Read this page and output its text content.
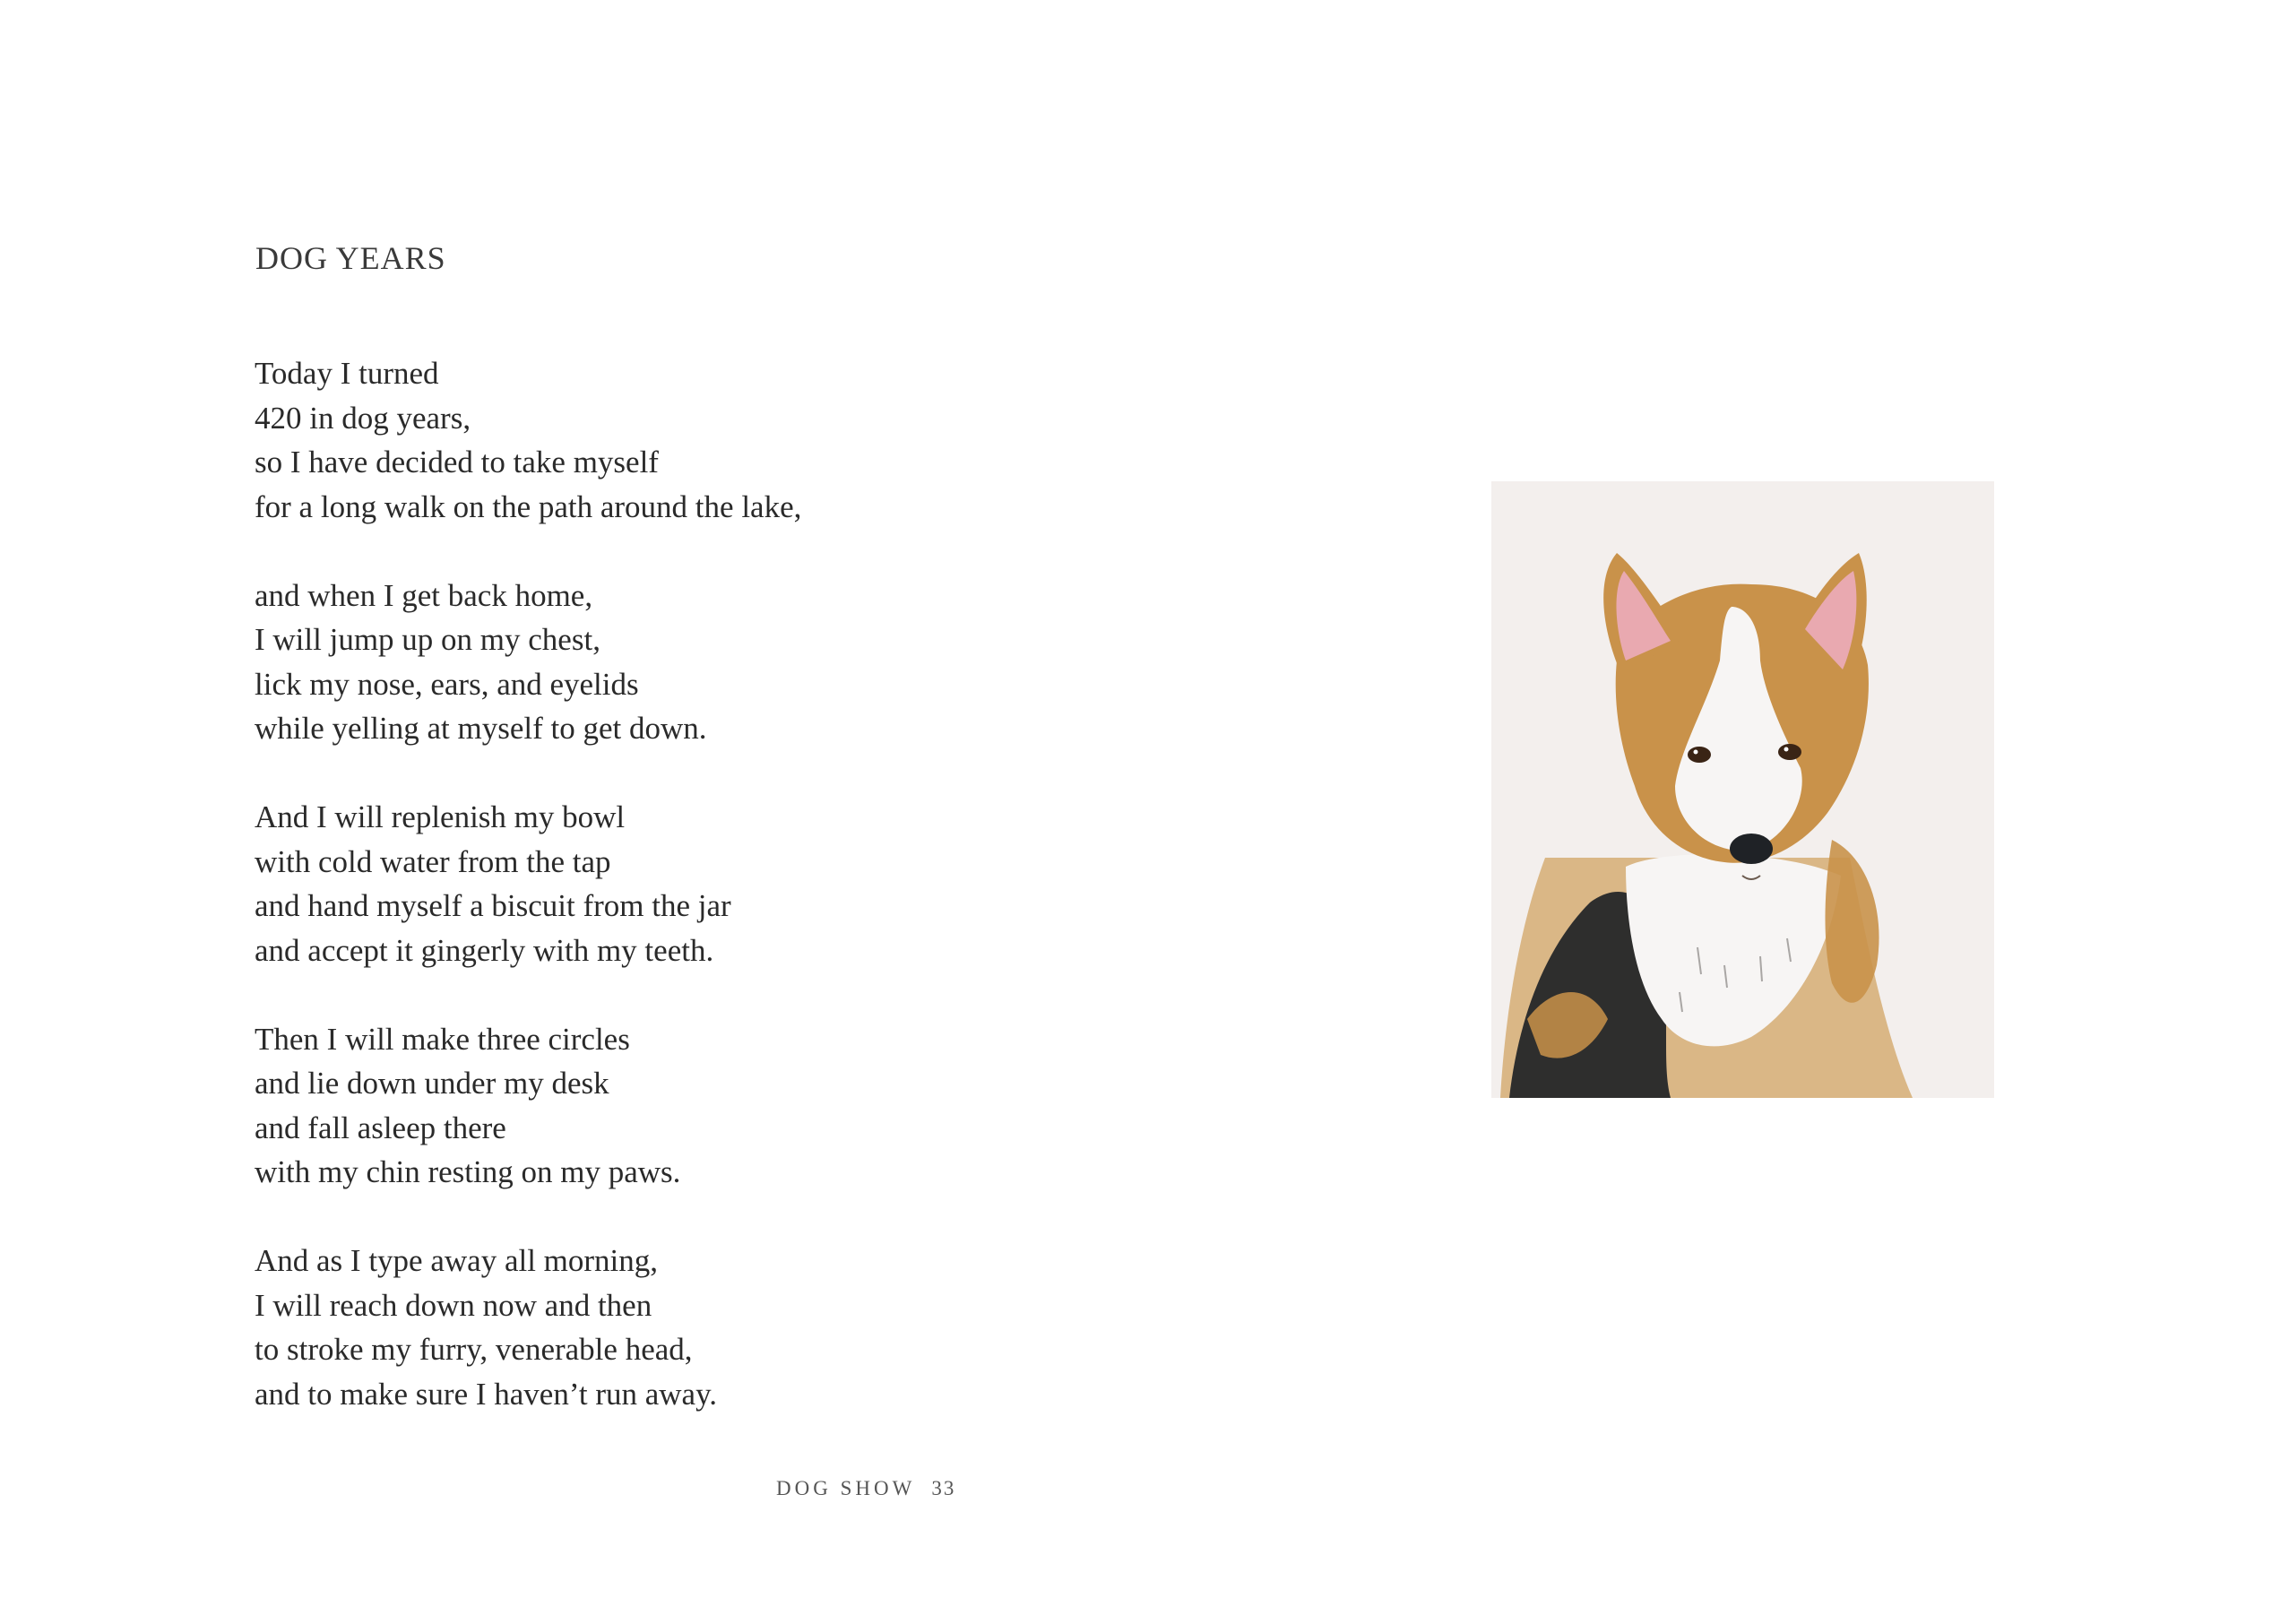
DOG YEARS
Today I turned
420 in dog years,
so I have decided to take myself
for a long walk on the path around the lake,
and when I get back home,
I will jump up on my chest,
lick my nose, ears, and eyelids
while yelling at myself to get down.
And I will replenish my bowl
with cold water from the tap
and hand myself a biscuit from the jar
and accept it gingerly with my teeth.
Then I will make three circles
and lie down under my desk
and fall asleep there
with my chin resting on my paws.
And as I type away all morning,
I will reach down now and then
to stroke my furry, venerable head,
and to make sure I haven’t run away.
DOG SHOW 33
